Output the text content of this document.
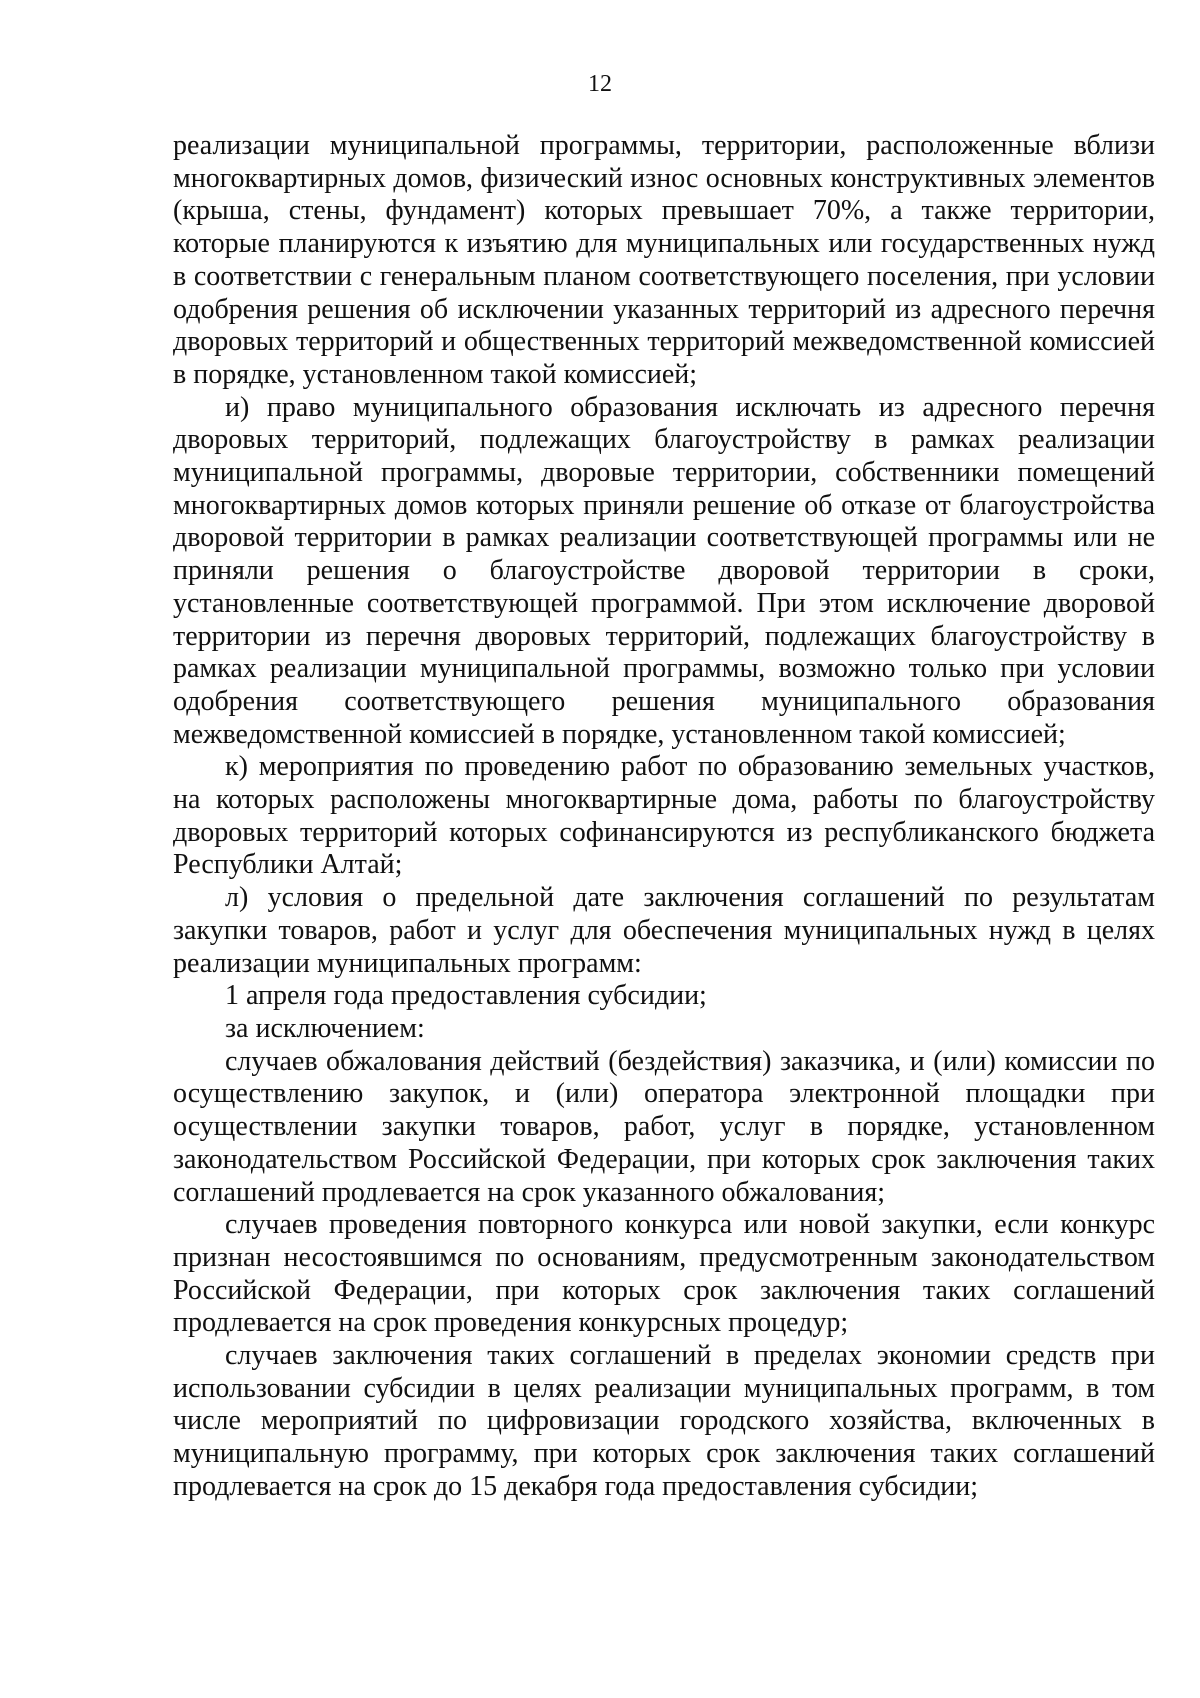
12

реализации муниципальной программы, территории, расположенные вблизи многоквартирных домов, физический износ основных конструктивных элементов (крыша, стены, фундамент) которых превышает 70%, а также территории, которые планируются к изъятию для муниципальных или государственных нужд в соответствии с генеральным планом соответствующего поселения, при условии одобрения решения об исключении указанных территорий из адресного перечня дворовых территорий и общественных территорий межведомственной комиссией в порядке, установленном такой комиссией;

и) право муниципального образования исключать из адресного перечня дворовых территорий, подлежащих благоустройству в рамках реализации муниципальной программы, дворовые территории, собственники помещений многоквартирных домов которых приняли решение об отказе от благоустройства дворовой территории в рамках реализации соответствующей программы или не приняли решения о благоустройстве дворовой территории в сроки, установленные соответствующей программой. При этом исключение дворовой территории из перечня дворовых территорий, подлежащих благоустройству в рамках реализации муниципальной программы, возможно только при условии одобрения соответствующего решения муниципального образования межведомственной комиссией в порядке, установленном такой комиссией;

к) мероприятия по проведению работ по образованию земельных участков, на которых расположены многоквартирные дома, работы по благоустройству дворовых территорий которых софинансируются из республиканского бюджета Республики Алтай;

л) условия о предельной дате заключения соглашений по результатам закупки товаров, работ и услуг для обеспечения муниципальных нужд в целях реализации муниципальных программ:

1 апреля года предоставления субсидии;

за исключением:

случаев обжалования действий (бездействия) заказчика, и (или) комиссии по осуществлению закупок, и (или) оператора электронной площадки при осуществлении закупки товаров, работ, услуг в порядке, установленном законодательством Российской Федерации, при которых срок заключения таких соглашений продлевается на срок указанного обжалования;

случаев проведения повторного конкурса или новой закупки, если конкурс признан несостоявшимся по основаниям, предусмотренным законодательством Российской Федерации, при которых срок заключения таких соглашений продлевается на срок проведения конкурсных процедур;

случаев заключения таких соглашений в пределах экономии средств при использовании субсидии в целях реализации муниципальных программ, в том числе мероприятий по цифровизации городского хозяйства, включенных в муниципальную программу, при которых срок заключения таких соглашений продлевается на срок до 15 декабря года предоставления субсидии;
